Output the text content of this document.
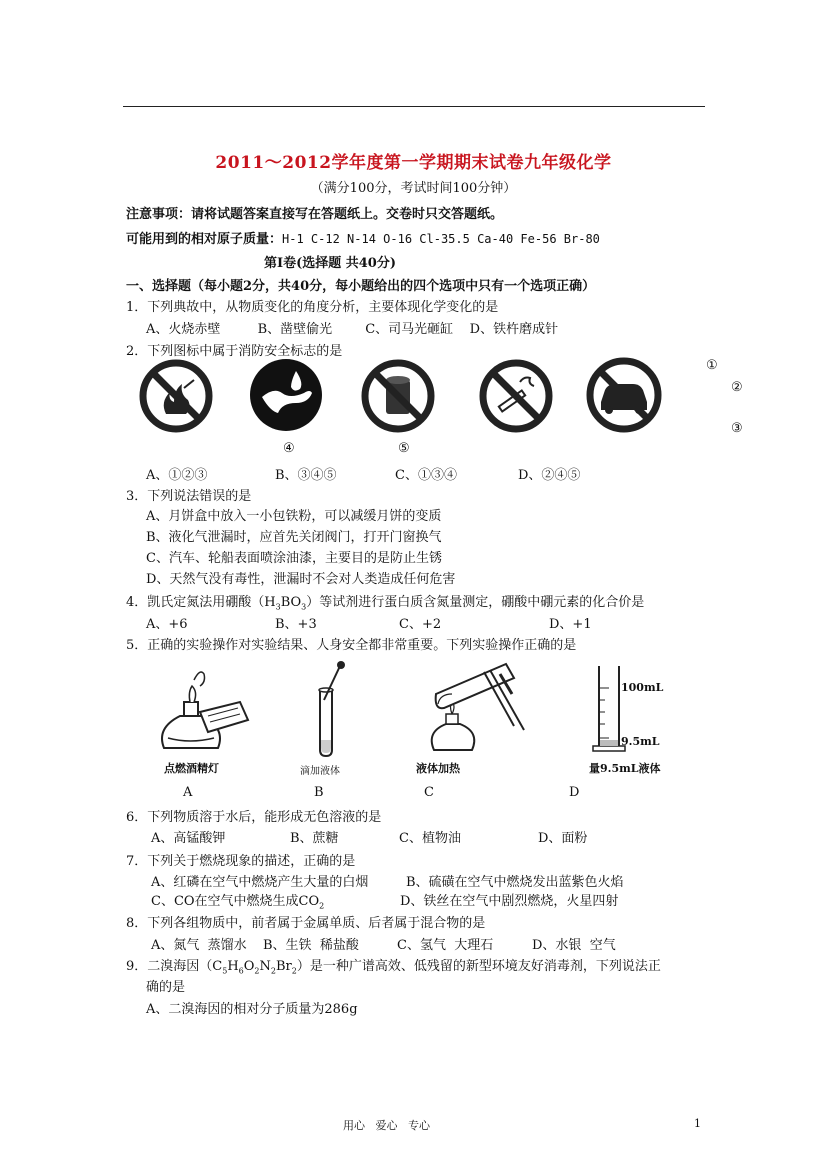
2011～2012学年度第一学期期末试卷九年级化学
（满分100分，考试时间100分钟）
注意事项：请将试题答案直接写在答题纸上。交卷时只交答题纸。
可能用到的相对原子质量：H-1 C-12 N-14 O-16 Cl-35.5 Ca-40 Fe-56 Br-80
第Ⅰ卷(选择题 共40分)
一、选择题（每小题2分，共40分，每小题给出的四个选项中只有一个选项正确）
1．下列典故中，从物质变化的角度分析，主要体现化学变化的是
A、火烧赤壁         B、凿壁偷光        C、司马光砸缸    D、铁杵磨成针
2．下列图标中属于消防安全标志的是
①
②
③
④	⑤
A、①②③	B、③④⑤	C、①③④	D、②④⑤
3．下列说法错误的是
A、月饼盒中放入一小包铁粉，可以减缓月饼的变质
B、液化气泄漏时，应首先关闭阀门，打开门窗换气
C、汽车、轮船表面喷涂油漆，主要目的是防止生锈
D、天然气没有毒性，泄漏时不会对人类造成任何危害
4．凯氏定氮法用硼酸$(H_3BO_3)$等试剂进行蛋白质含氮量测定，硼酸中硼元素的化合价是
A、+6	B、+3	C、+2	D、+1
5．正确的实验操作对实验结果、人身安全都非常重要。下列实验操作正确的是
100mL
9.5mL
点燃酒精灯	滴加液体	液体加热	量9.5mL液体
A	B	C	D
6．下列物质溶于水后，能形成无色溶液的是
A、高锰酸钾	B、蔗糖	C、植物油	D、面粉
7．下列关于燃烧现象的描述，正确的是
A、红磷在空气中燃烧产生大量的白烟	B、硫磺在空气中燃烧发出蓝紫色火焰
C、CO在空气中燃烧生成$CO_2$	D、铁丝在空气中剧烈燃烧，火星四射
8．下列各组物质中，前者属于金属单质、后者属于混合物的是
A、氮气  蒸馏水 B、生铁  稀盐酸	C、氢气  大理石	D、水银  空气
9．二溴海因$(C_5H_6O_2N_2Br_2)$是一种广谱高效、低残留的新型环境友好消毒剂，下列说法正
确的是
A、二溴海因的相对分子质量为286g
用心   爱心   专心	1
